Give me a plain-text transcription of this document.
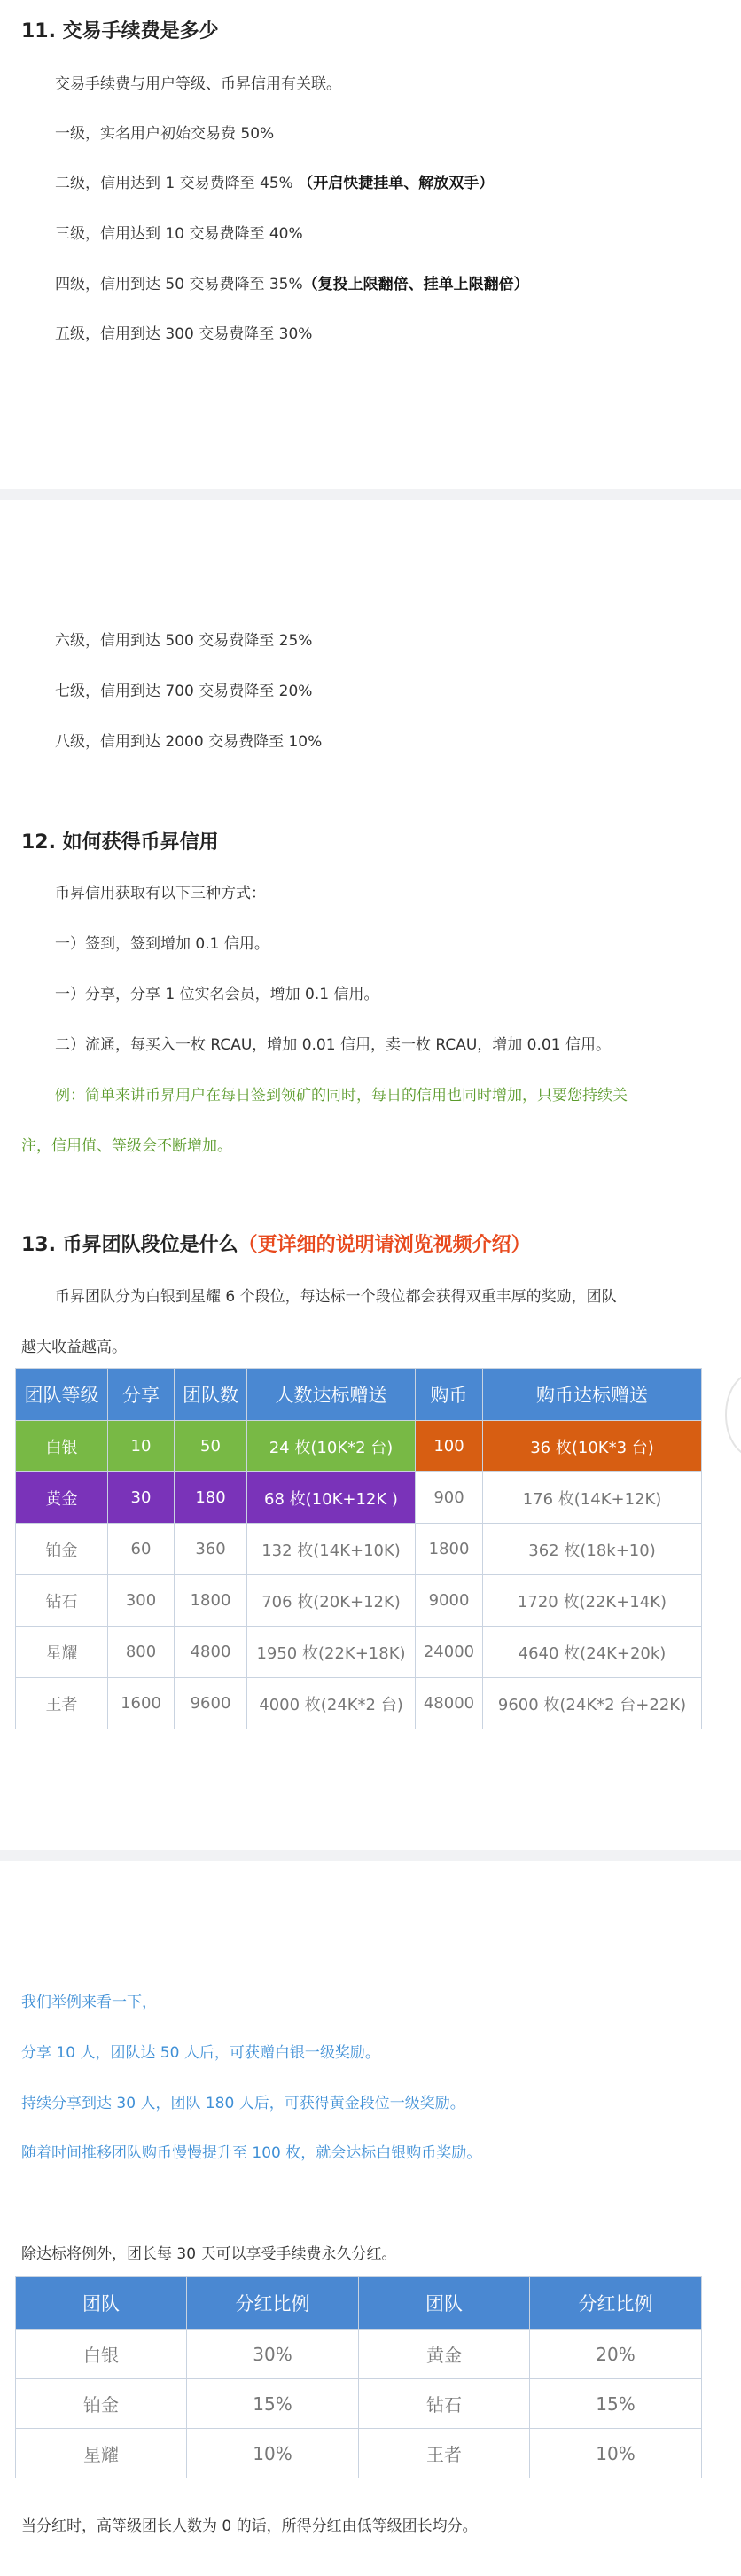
11. 交易手续费是多少
交易手续费与用户等级、币昇信用有关联。
一级，实名用户初始交易费 50%
二级，信用达到 1 交易费降至 45% （开启快捷挂单、解放双手）
三级，信用达到 10 交易费降至 40%
四级，信用到达 50 交易费降至 35%（复投上限翻倍、挂单上限翻倍）
五级，信用到达 300 交易费降至 30%
六级，信用到达 500 交易费降至 25%
七级，信用到达 700 交易费降至 20%
八级，信用到达 2000 交易费降至 10%
12. 如何获得币昇信用
币昇信用获取有以下三种方式：
一）签到，签到增加 0.1 信用。
一）分享，分享 1 位实名会员，增加 0.1 信用。
二）流通，每买入一枚 RCAU，增加 0.01 信用，卖一枚 RCAU，增加 0.01 信用。
例：简单来讲币昇用户在每日签到领矿的同时，每日的信用也同时增加，只要您持续关
注，信用值、等级会不断增加。
13. 币昇团队段位是什么（更详细的说明请浏览视频介绍）
币昇团队分为白银到星耀 6 个段位，每达标一个段位都会获得双重丰厚的奖励，团队
越大收益越高。
团队等级	分享	团队数	人数达标赠送	购币	购币达标赠送
白银	10	50	24 枚(10K*2 台)	100	36 枚(10K*3 台)
黄金	30	180	68 枚(10K+12K )	900	176 枚(14K+12K)
铂金	60	360	132 枚(14K+10K)	1800	362 枚(18k+10)
钻石	300	1800	706 枚(20K+12K)	9000	1720 枚(22K+14K)
星耀	800	4800	1950 枚(22K+18K)	24000	4640 枚(24K+20k)
王者	1600	9600	4000 枚(24K*2 台)	48000	9600 枚(24K*2 台+22K)
我们举例来看一下，
分享 10 人，团队达 50 人后，可获赠白银一级奖励。
持续分享到达 30 人，团队 180 人后，可获得黄金段位一级奖励。
随着时间推移团队购币慢慢提升至 100 枚，就会达标白银购币奖励。
除达标将例外，团长每 30 天可以享受手续费永久分红。
团队	分红比例	团队	分红比例
白银	30%	黄金	20%
铂金	15%	钻石	15%
星耀	10%	王者	10%
当分红时，高等级团长人数为 0 的话，所得分红由低等级团长均分。
